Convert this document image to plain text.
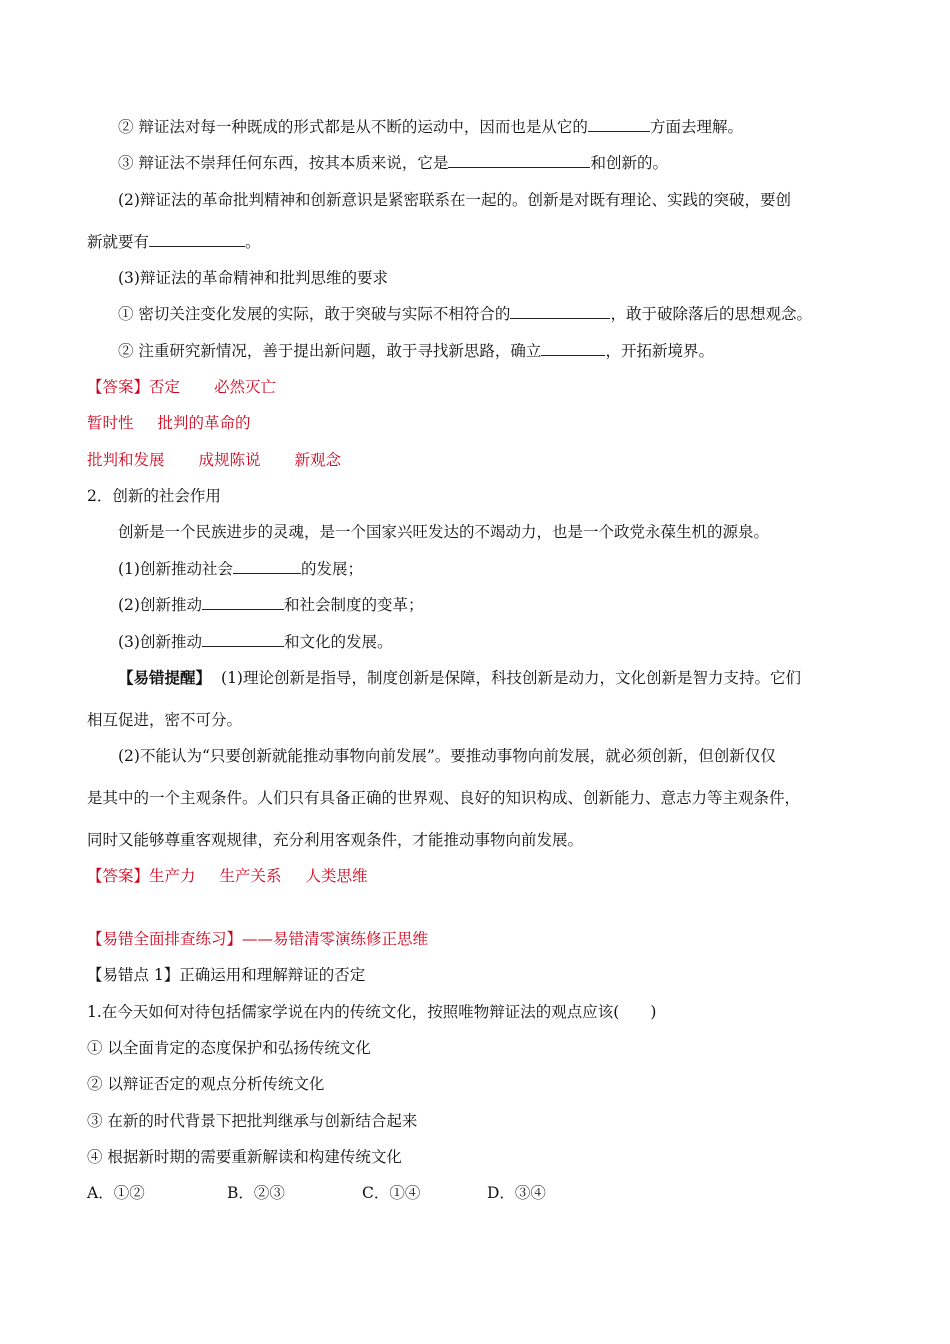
② 辩证法对每一种既成的形式都是从不断的运动中，因而也是从它的	方面去理解。
③ 辩证法不崇拜任何东西，按其本质来说，它是	和创新的。
(2)辩证法的革命批判精神和创新意识是紧密联系在一起的。创新是对既有理论、实践的突破，要创
新就要有	。
(3)辩证法的革命精神和批判思维的要求
① 密切关注变化发展的实际，敢于突破与实际不相符合的	，敢于破除落后的思想观念。
② 注重研究新情况，善于提出新问题，敢于寻找新思路，确立	，开拓新境界。
【答案】否定 必然灭亡
暂时性 批判的革命的
批判和发展 成规陈说 新观念
2．创新的社会作用
创新是一个民族进步的灵魂，是一个国家兴旺发达的不竭动力，也是一个政党永葆生机的源泉。
(1)创新推动社会	的发展；
(2)创新推动	和社会制度的变革；
(3)创新推动	和文化的发展。
【易错提醒】 (1)理论创新是指导，制度创新是保障，科技创新是动力，文化创新是智力支持。它们
相互促进，密不可分。
(2)不能认为“只要创新就能推动事物向前发展”。要推动事物向前发展，就必须创新，但创新仅仅
是其中的一个主观条件。人们只有具备正确的世界观、良好的知识构成、创新能力、意志力等主观条件，
同时又能够尊重客观规律，充分利用客观条件，才能推动事物向前发展。
【答案】生产力 生产关系 人类思维
【易错全面排查练习】——易错清零演练修正思维
【易错点 1】正确运用和理解辩证的否定
1.在今天如何对待包括儒家学说在内的传统文化，按照唯物辩证法的观点应该(　　)
① 以全面肯定的态度保护和弘扬传统文化
② 以辩证否定的观点分析传统文化
③ 在新的时代背景下把批判继承与创新结合起来
④ 根据新时期的需要重新解读和构建传统文化
A．①②	B．②③	C．①④	D．③④
